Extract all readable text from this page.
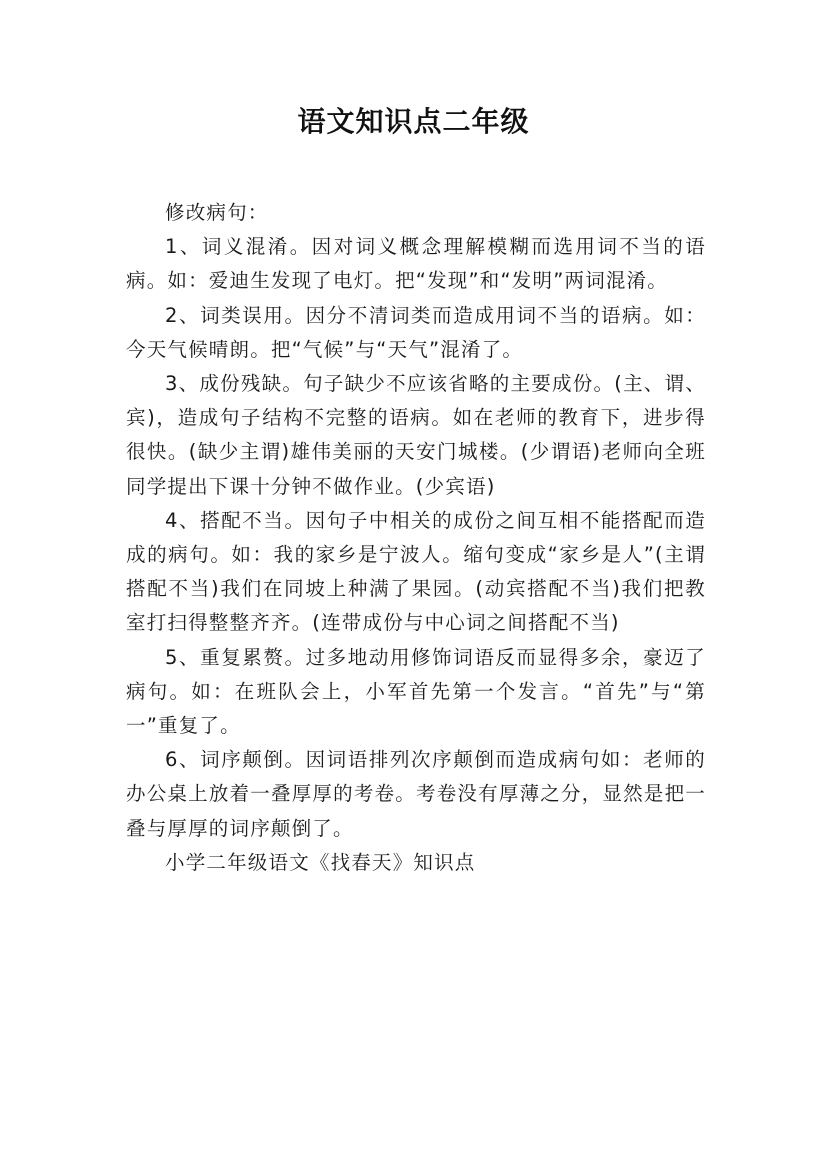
语文知识点二年级

修改病句：

1、词义混淆。因对词义概念理解模糊而选用词不当的语病。如：爱迪生发现了电灯。把“发现”和“发明”两词混淆。

2、词类误用。因分不清词类而造成用词不当的语病。如：今天气候晴朗。把“气候”与“天气”混淆了。

3、成份残缺。句子缺少不应该省略的主要成份。(主、谓、宾)，造成句子结构不完整的语病。如在老师的教育下，进步得很快。(缺少主谓)雄伟美丽的天安门城楼。(少谓语)老师向全班同学提出下课十分钟不做作业。(少宾语)

4、搭配不当。因句子中相关的成份之间互相不能搭配而造成的病句。如：我的家乡是宁波人。缩句变成“家乡是人”(主谓搭配不当)我们在同坡上种满了果园。(动宾搭配不当)我们把教室打扫得整整齐齐。(连带成份与中心词之间搭配不当)

5、重复累赘。过多地动用修饰词语反而显得多余，豪迈了病句。如：在班队会上，小军首先第一个发言。“首先”与“第一”重复了。

6、词序颠倒。因词语排列次序颠倒而造成病句如：老师的办公桌上放着一叠厚厚的考卷。考卷没有厚薄之分，显然是把一叠与厚厚的词序颠倒了。

小学二年级语文《找春天》知识点
